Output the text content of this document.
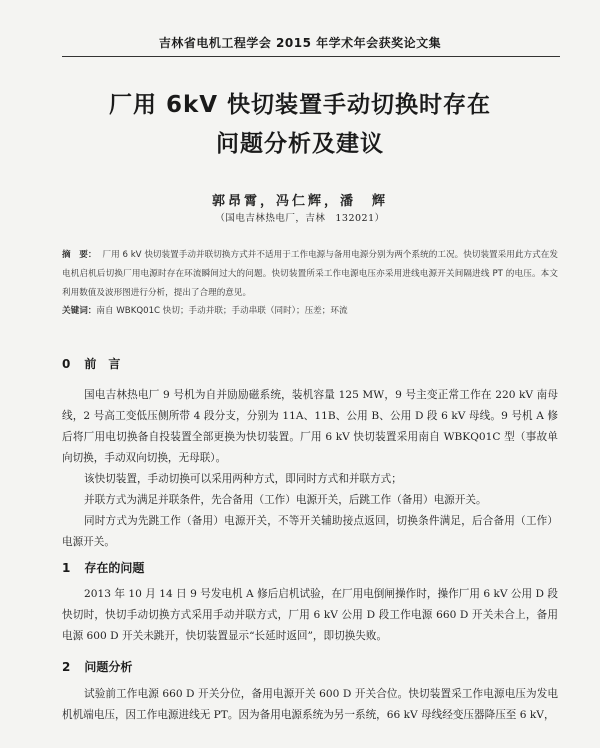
吉林省电机工程学会 2015 年学术年会获奖论文集
厂用 6kV 快切装置手动切换时存在
问题分析及建议
郭昂霄，冯仁辉，潘　辉
（国电吉林热电厂，吉林　132021）
摘　要： 厂用 6 kV 快切装置手动并联切换方式并不适用于工作电源与备用电源分别为两个系统的工况。快切装置采用此方式在发电机启机后切换厂用电源时存在环流瞬间过大的问题。快切装置所采工作电源电压亦采用进线电源开关间隔进线 PT 的电压。本文利用数值及波形图进行分析，提出了合理的意见。
关键词：南自 WBKQ01C 快切；手动并联；手动串联（同时）；压差；环流
0 前　言
国电吉林热电厂 9 号机为自并励励磁系统，装机容量 125 MW，9 号主变正常工作在 220 kV 南母线，2 号高工变低压侧所带 4 段分支，分别为 11A、11B、公用 B、公用 D 段 6 kV 母线。9 号机 A 修后将厂用电切换备自投装置全部更换为快切装置。厂用 6 kV 快切装置采用南自 WBKQ01C 型（事故单向切换，手动双向切换，无母联）。
该快切装置，手动切换可以采用两种方式，即同时方式和并联方式；
并联方式为满足并联条件，先合备用（工作）电源开关，后跳工作（备用）电源开关。
同时方式为先跳工作（备用）电源开关，不等开关辅助接点返回，切换条件满足，后合备用（工作）电源开关。
1 存在的问题
2013 年 10 月 14 日 9 号发电机 A 修后启机试验，在厂用电倒闸操作时，操作厂用 6 kV 公用 D 段快切时，快切手动切换方式采用手动并联方式，厂用 6 kV 公用 D 段工作电源 660 D 开关未合上，备用电源 600 D 开关未跳开，快切装置显示“长延时返回”，即切换失败。
2 问题分析
试验前工作电源 660 D 开关分位，备用电源开关 600 D 开关合位。快切装置采工作电源电压为发电机机端电压，因工作电源进线无 PT。因为备用电源系统为另一系统，66 kV 母线经变压器降压至 6 kV，
